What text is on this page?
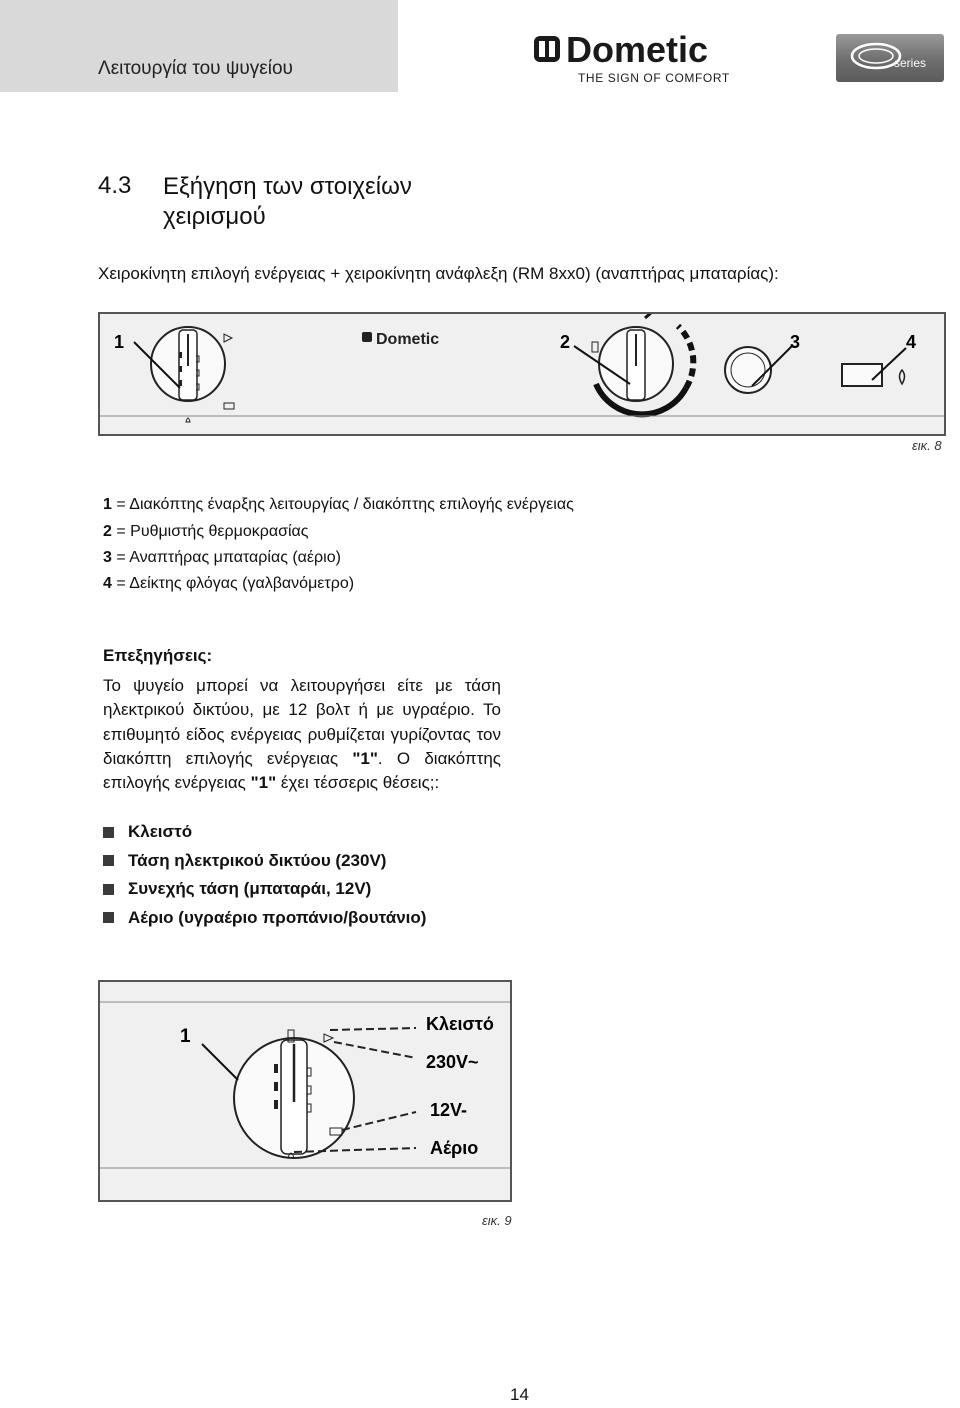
Λειτουργία του ψυγείου	Dometic
THE SIGN OF COMFORT
series
4.3 Εξήγηση των στοιχείων χειρισμού
Χειροκίνητη επιλογή ενέργειας + χειροκίνητη ανάφλεξη (RM 8xx0) (αναπτήρας μπαταρίας):
1	Dometic	2	3	4
εικ. 8
1 = Διακόπτης έναρξης λειτουργίας / διακόπτης επιλογής ενέργειας
2 = Ρυθμιστής θερμοκρασίας
3 = Αναπτήρας μπαταρίας (αέριο)
4 = Δείκτης φλόγας (γαλβανόμετρο)
Επεξηγήσεις:
Το ψυγείο μπορεί να λειτουργήσει είτε με τάση ηλεκτρικού δικτύου, με 12 βολτ ή με υγραέριο. Το επιθυμητό είδος ενέργειας ρυθμίζεται γυρίζοντας τον διακόπτη επιλογής ενέργειας "1". Ο διακόπτης επιλογής ενέργειας "1" έχει τέσσερις θέσεις;:
Κλειστό
Τάση ηλεκτρικού δικτύου (230V)
Συνεχής τάση (μπαταράι, 12V)
Αέριο (υγραέριο προπάνιο/βουτάνιο)
1
Κλειστό
230V~
12V-
Αέριο
εικ. 9
14
